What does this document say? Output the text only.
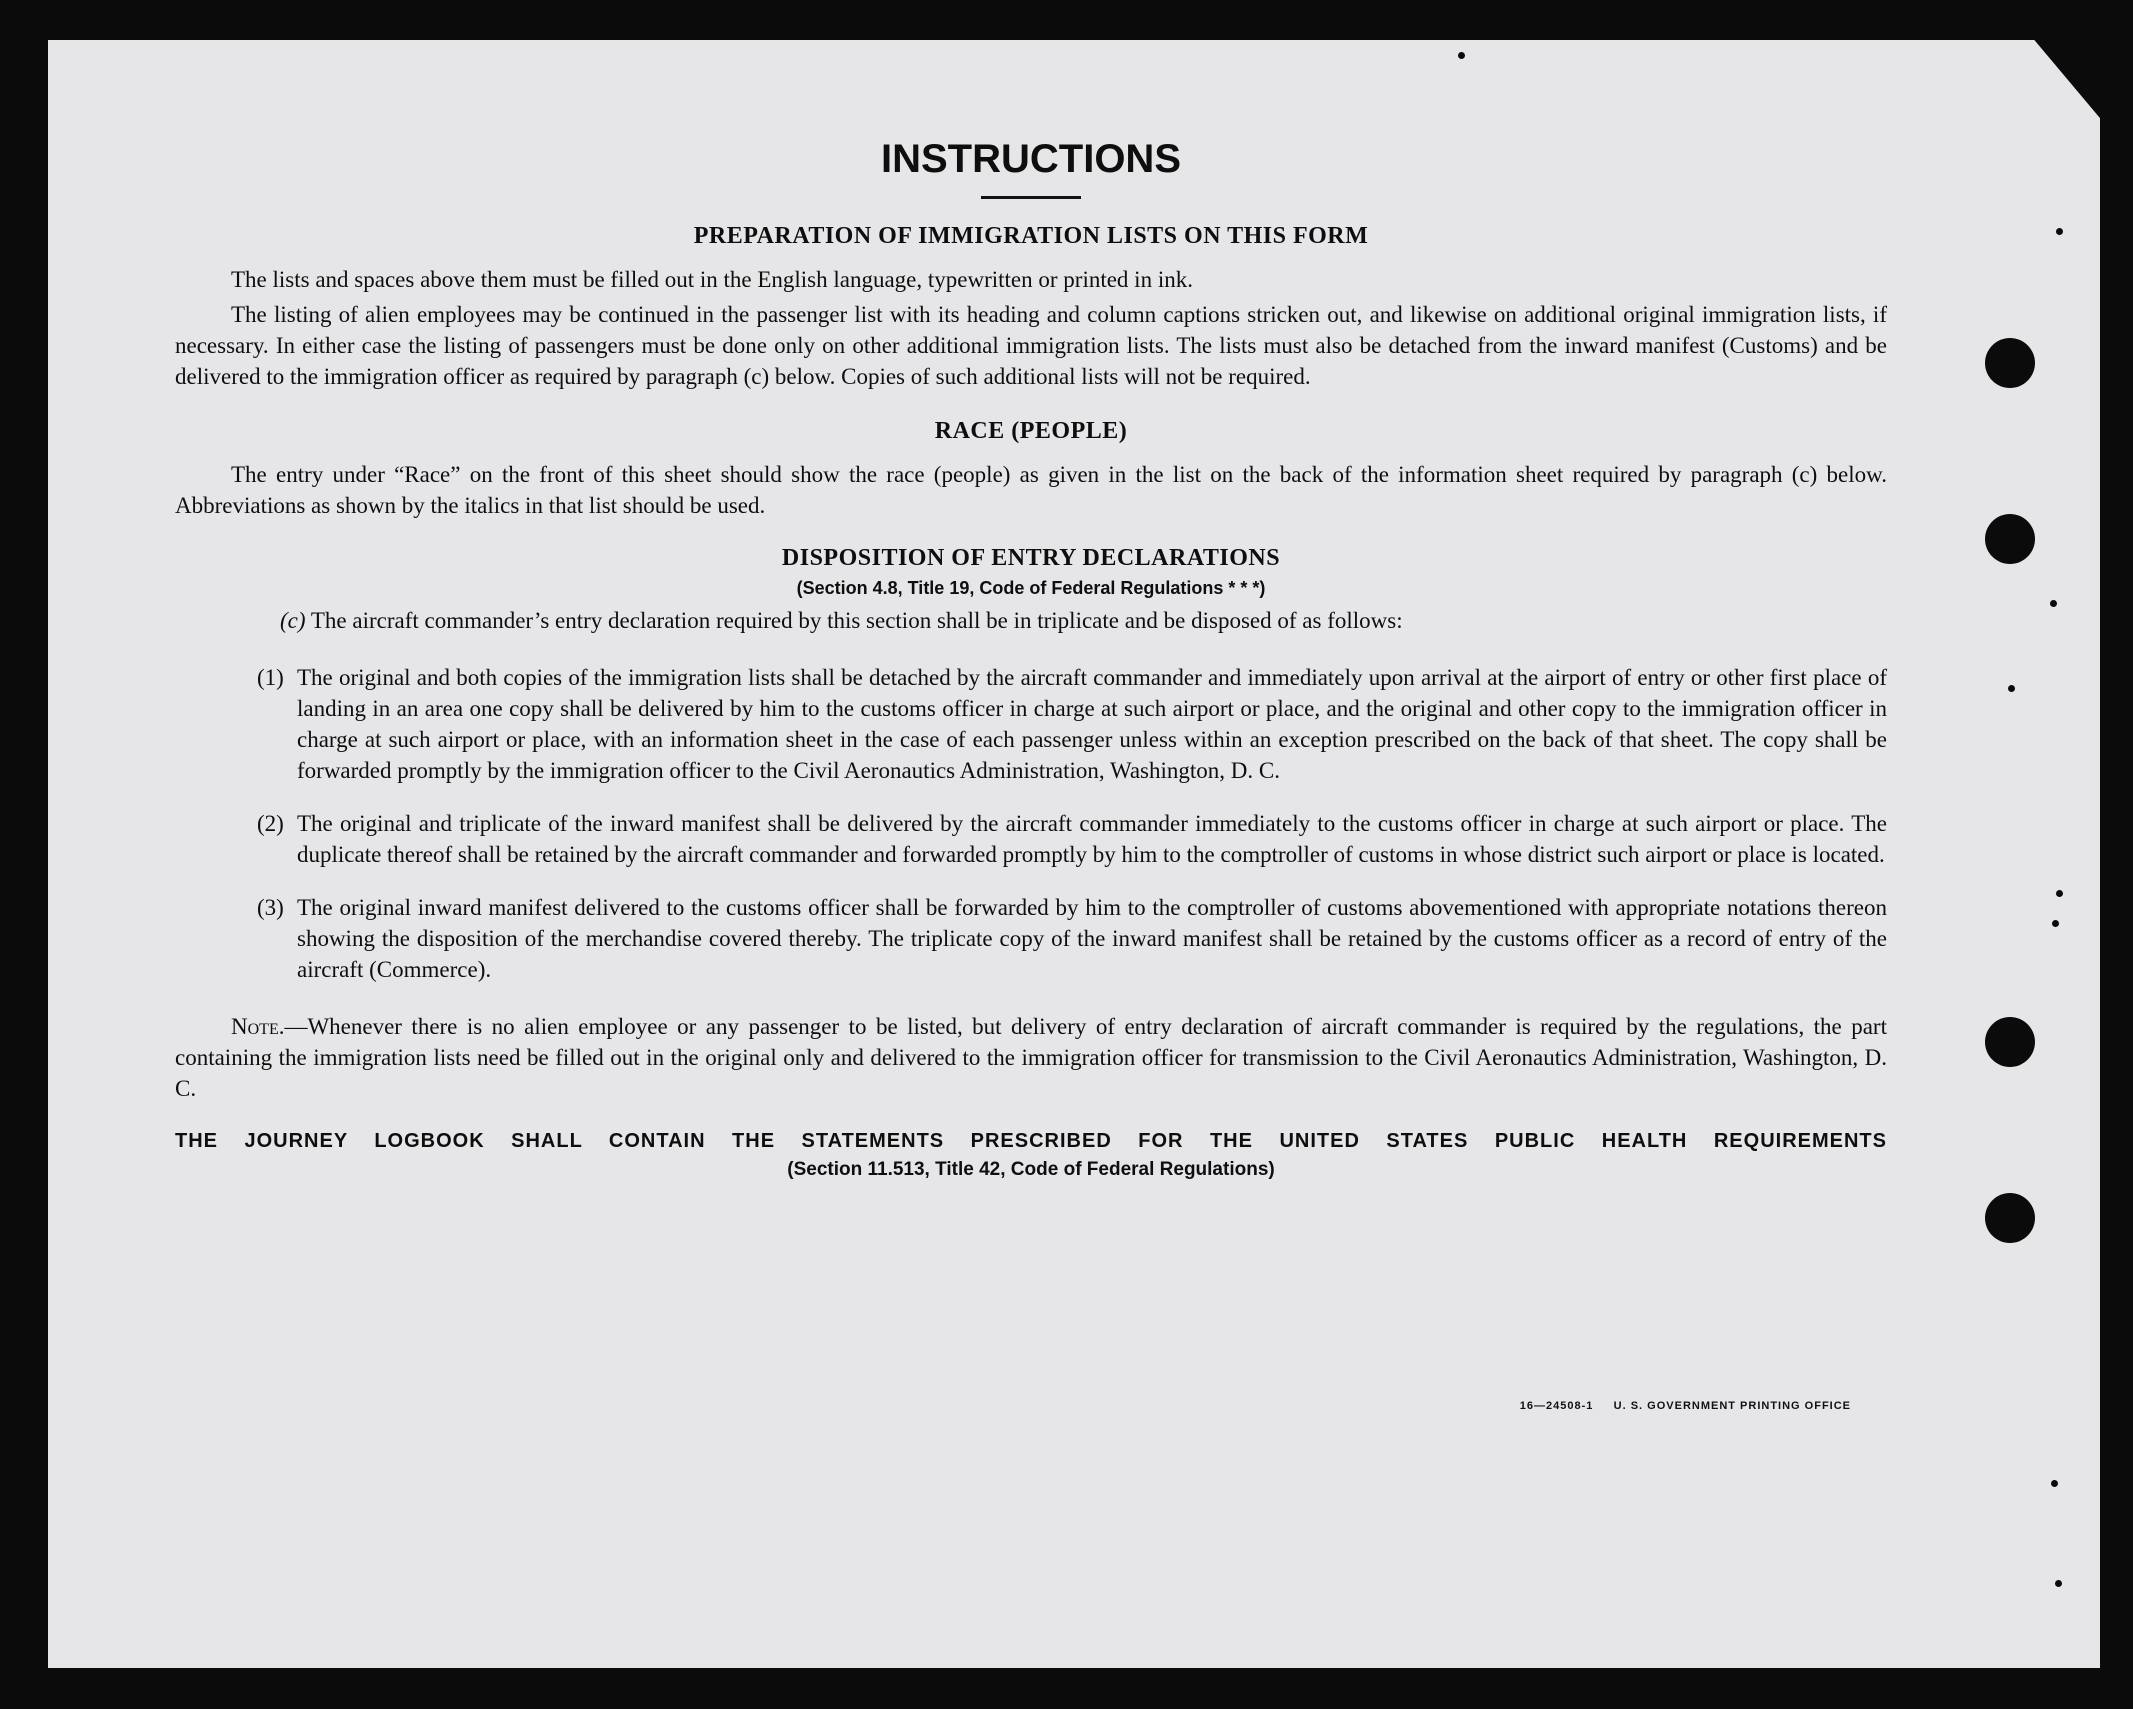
INSTRUCTIONS
PREPARATION OF IMMIGRATION LISTS ON THIS FORM

The lists and spaces above them must be filled out in the English language, typewritten or printed in ink.

The listing of alien employees may be continued in the passenger list with its heading and column captions stricken out, and likewise on additional original immigration lists, if necessary. In either case the listing of passengers must be done only on other additional immigration lists. The lists must also be detached from the inward manifest (Customs) and be delivered to the immigration officer as required by paragraph (c) below. Copies of such additional lists will not be required.

RACE (PEOPLE)

The entry under “Race” on the front of this sheet should show the race (people) as given in the list on the back of the information sheet required by paragraph (c) below. Abbreviations as shown by the italics in that list should be used.

DISPOSITION OF ENTRY DECLARATIONS
(Section 4.8, Title 19, Code of Federal Regulations * * *)

(c) The aircraft commander’s entry declaration required by this section shall be in triplicate and be disposed of as follows:

(1) The original and both copies of the immigration lists shall be detached by the aircraft commander and immediately upon arrival at the airport of entry or other first place of landing in an area one copy shall be delivered by him to the customs officer in charge at such airport or place, and the original and other copy to the immigration officer in charge at such airport or place, with an information sheet in the case of each passenger unless within an exception prescribed on the back of that sheet. The copy shall be forwarded promptly by the immigration officer to the Civil Aeronautics Administration, Washington, D. C.
(2) The original and triplicate of the inward manifest shall be delivered by the aircraft commander immediately to the customs officer in charge at such airport or place. The duplicate thereof shall be retained by the aircraft commander and forwarded promptly by him to the comptroller of customs in whose district such airport or place is located.
(3) The original inward manifest delivered to the customs officer shall be forwarded by him to the comptroller of customs abovementioned with appropriate notations thereon showing the disposition of the merchandise covered thereby. The triplicate copy of the inward manifest shall be retained by the customs officer as a record of entry of the aircraft (Commerce).

Note.—Whenever there is no alien employee or any passenger to be listed, but delivery of entry declaration of aircraft commander is required by the regulations, the part containing the immigration lists need be filled out in the original only and delivered to the immigration officer for transmission to the Civil Aeronautics Administration, Washington, D. C.

THE JOURNEY LOGBOOK SHALL CONTAIN THE STATEMENTS PRESCRIBED FOR THE UNITED STATES PUBLIC HEALTH REQUIREMENTS
(Section 11.513, Title 42, Code of Federal Regulations)
16—24508-1 U. S. GOVERNMENT PRINTING OFFICE
